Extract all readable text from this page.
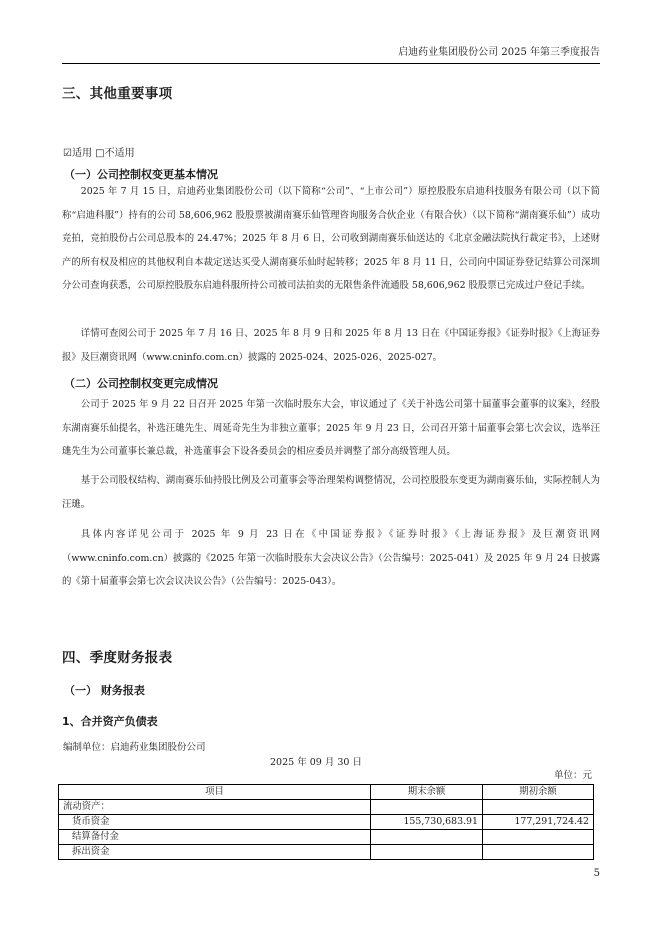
启迪药业集团股份公司 2025 年第三季度报告
三、其他重要事项
☑适用 □不适用
（一）公司控制权变更基本情况

2025 年 7 月 15 日，启迪药业集团股份公司（以下简称“公司”、“上市公司”）原控股股东启迪科技服务有限公司（以下简称“启迪科服”）持有的公司 58,606,962 股股票被湖南赛乐仙管理咨询服务合伙企业（有限合伙）（以下简称“湖南赛乐仙”）成功竞拍，竞拍股份占公司总股本的 24.47%；2025 年 8 月 6 日，公司收到湖南赛乐仙送达的《北京金融法院执行裁定书》，上述财产的所有权及相应的其他权利自本裁定送达买受人湖南赛乐仙时起转移；2025 年 8 月 11 日，公司向中国证券登记结算公司深圳分公司查询获悉，公司原控股股东启迪科服所持公司被司法拍卖的无限售条件流通股 58,606,962 股股票已完成过户登记手续。

详情可查阅公司于 2025 年 7 月 16 日、2025 年 8 月 9 日和 2025 年 8 月 13 日在《中国证券报》《证券时报》《上海证券报》及巨潮资讯网（www.cninfo.com.cn）披露的 2025-024、2025-026、2025-027。

（二）公司控制权变更完成情况

公司于 2025 年 9 月 22 日召开 2025 年第一次临时股东大会，审议通过了《关于补选公司第十届董事会董事的议案》，经股东湖南赛乐仙提名，补选汪璡先生、周延奇先生为非独立董事；2025 年 9 月 23 日，公司召开第十届董事会第七次会议，选举汪璡先生为公司董事长兼总裁，补选董事会下设各委员会的相应委员并调整了部分高级管理人员。

基于公司股权结构、湖南赛乐仙持股比例及公司董事会等治理架构调整情况，公司控股股东变更为湖南赛乐仙，实际控制人为汪璡。

具体内容详见公司于 2025 年 9 月 23 日在《中国证券报》《证券时报》《上海证券报》及巨潮资讯网（www.cninfo.com.cn）披露的《2025 年第一次临时股东大会决议公告》（公告编号：2025-041）及 2025 年 9 月 24 日披露的《第十届董事会第七次会议决议公告》（公告编号：2025-043）。

四、季度财务报表
（一） 财务报表
1、合并资产负债表
编制单位：启迪药业集团股份公司
2025 年 09 月 30 日
单位：元
项目	期末余额	期初余额
流动资产：		
货币资金	155,730,683.91	177,291,724.42
结算备付金		
拆出资金		
5
